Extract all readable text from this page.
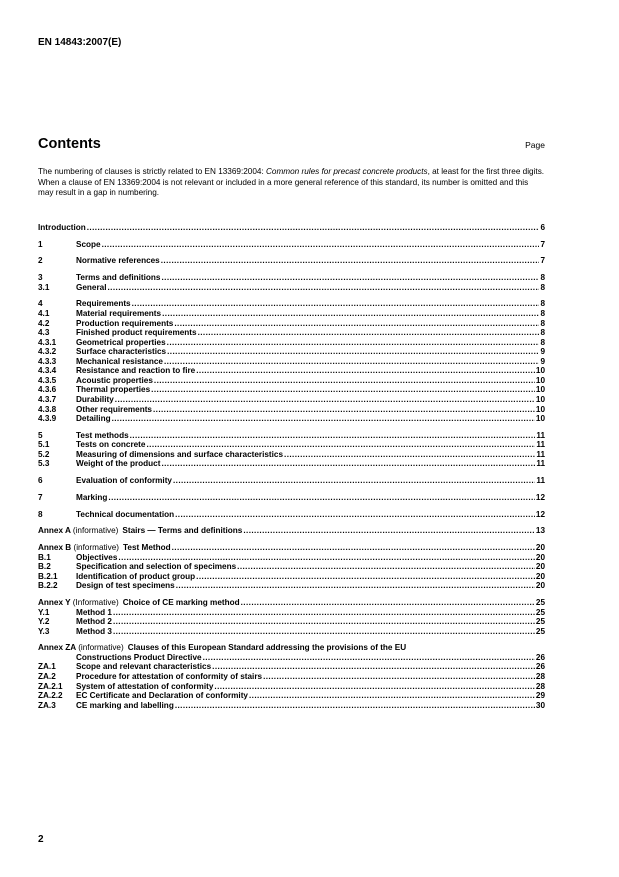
EN 14843:2007(E)
Contents	Page
The numbering of clauses is strictly related to EN 13369:2004: Common rules for precast concrete products, at least for the first three digits. When a clause of EN 13369:2004 is not relevant or included in a more general reference of this standard, its number is omitted and this may result in a gap in numbering.
Introduction .....	6
1	Scope .....	7
2	Normative references .....	7
3	Terms and definitions .....	8
3.1	General .....	8
4	Requirements .....	8
4.1	Material requirements .....	8
4.2	Production requirements .....	8
4.3	Finished product requirements .....	8
4.3.1	Geometrical properties .....	8
4.3.2	Surface characteristics .....	9
4.3.3	Mechanical resistance .....	9
4.3.4	Resistance and reaction to fire .....	10
4.3.5	Acoustic properties .....	10
4.3.6	Thermal properties .....	10
4.3.7	Durability .....	10
4.3.8	Other requirements .....	10
4.3.9	Detailing .....	10
5	Test methods .....	11
5.1	Tests on concrete .....	11
5.2	Measuring of dimensions and surface characteristics .....	11
5.3	Weight of the product .....	11
6	Evaluation of conformity .....	11
7	Marking .....	12
8	Technical documentation .....	12
Annex A (informative) Stairs — Terms and definitions .....	13
Annex B (informative) Test Method .....	20
B.1	Objectives .....	20
B.2	Specification and selection of specimens .....	20
B.2.1	Identification of product group .....	20
B.2.2	Design of test specimens .....	20
Annex Y (Informative) Choice of CE marking method .....	25
Y.1	Method 1 .....	25
Y.2	Method 2 .....	25
Y.3	Method 3 .....	25
Annex ZA (informative) Clauses of this European Standard addressing the provisions of the EU
Constructions Product Directive .....	26
ZA.1	Scope and relevant characteristics .....	26
ZA.2	Procedure for attestation of conformity of stairs .....	28
ZA.2.1	System of attestation of conformity .....	28
ZA.2.2	EC Certificate and Declaration of conformity .....	29
ZA.3	CE marking and labelling .....	30
2
